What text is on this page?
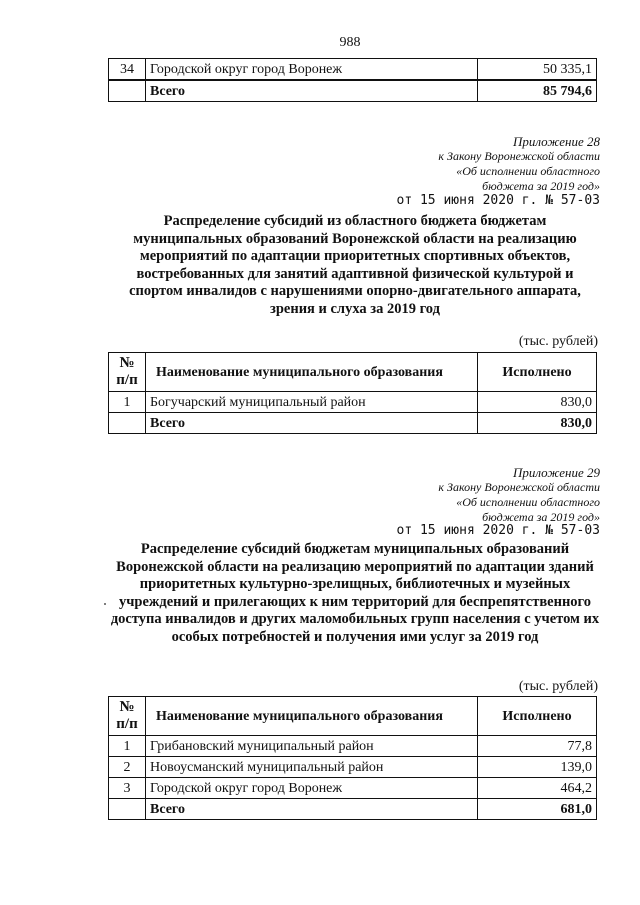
988
34	Городской округ город Воронеж	50 335,1
	Всего	85 794,6
Приложение 28
к Закону Воронежской области
«Об исполнении областного
бюджета за 2019 год»
от 15 июня 2020 г. № 57-03
Распределение субсидий из областного бюджета бюджетам муниципальных образований Воронежской области на реализацию мероприятий по адаптации приоритетных спортивных объектов, востребованных для занятий адаптивной физической культурой и спортом инвалидов с нарушениями опорно-двигательного аппарата, зрения и слуха за 2019 год
(тыс. рублей)
№ п/п	Наименование муниципального образования	Исполнено
1	Богучарский муниципальный район	830,0
	Всего	830,0
Приложение 29
к Закону Воронежской области
«Об исполнении областного
бюджета за 2019 год»
от 15 июня 2020 г. № 57-03
Распределение субсидий бюджетам муниципальных образований Воронежской области на реализацию мероприятий по адаптации зданий приоритетных культурно-зрелищных, библиотечных и музейных учреждений и прилегающих к ним территорий для беспрепятственного доступа инвалидов и других маломобильных групп населения с учетом их особых потребностей и получения ими услуг за 2019 год
(тыс. рублей)
№ п/п	Наименование муниципального образования	Исполнено
1	Грибановский муниципальный район	77,8
2	Новоусманский муниципальный район	139,0
3	Городской округ город Воронеж	464,2
	Всего	681,0
